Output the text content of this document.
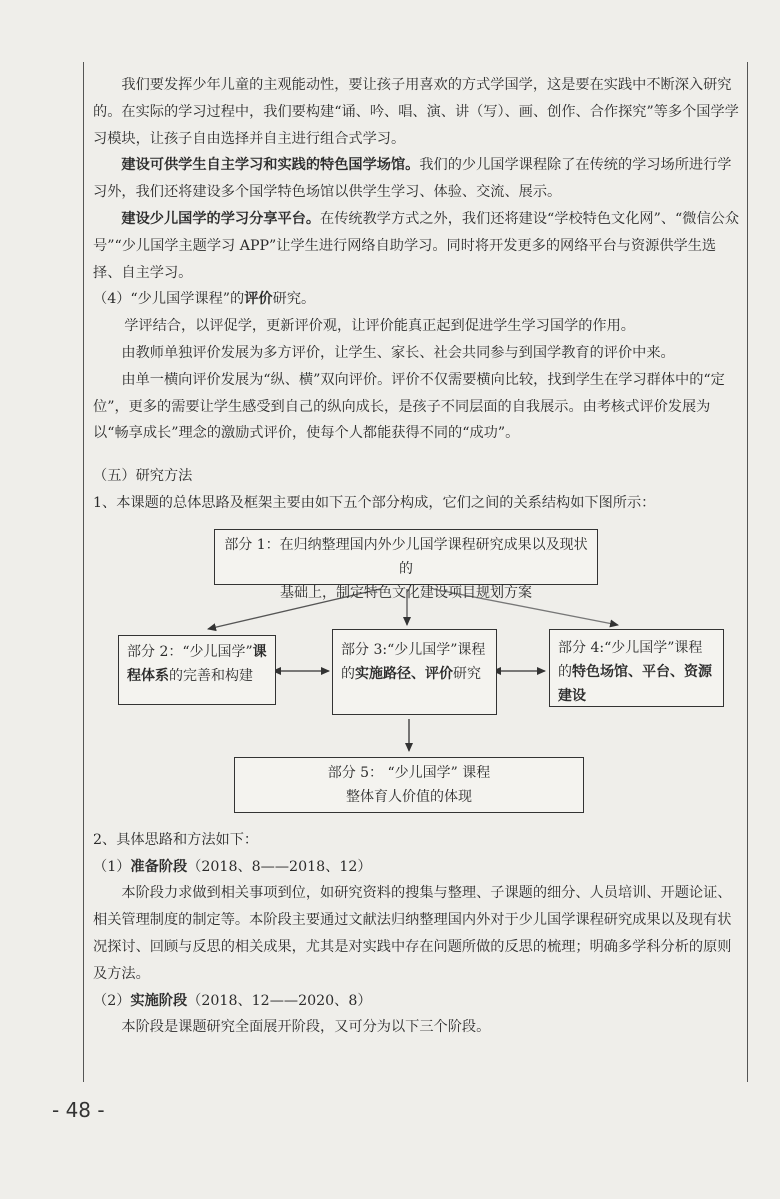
我们要发挥少年儿童的主观能动性，要让孩子用喜欢的方式学国学，这是要在实践中不断深入研究的。在实际的学习过程中，我们要构建“诵、吟、唱、演、讲（写）、画、创作、合作探究”等多个国学学习模块，让孩子自由选择并自主进行组合式学习。

建设可供学生自主学习和实践的特色国学场馆。我们的少儿国学课程除了在传统的学习场所进行学习外，我们还将建设多个国学特色场馆以供学生学习、体验、交流、展示。

建设少儿国学的学习分享平台。在传统教学方式之外，我们还将建设“学校特色文化网”、“微信公众号”“少儿国学主题学习 APP”让学生进行网络自助学习。同时将开发更多的网络平台与资源供学生选择、自主学习。

（4）“少儿国学课程”的评价研究。

学评结合，以评促学，更新评价观，让评价能真正起到促进学生学习国学的作用。

由教师单独评价发展为多方评价，让学生、家长、社会共同参与到国学教育的评价中来。

由单一横向评价发展为“纵、横”双向评价。评价不仅需要横向比较，找到学生在学习群体中的“定位”，更多的需要让学生感受到自己的纵向成长，是孩子不同层面的自我展示。由考核式评价发展为以“畅享成长”理念的激励式评价，使每个人都能获得不同的“成功”。

（五）研究方法

1、本课题的总体思路及框架主要由如下五个部分构成，它们之间的关系结构如下图所示：

部分 1：在归纳整理国内外少儿国学课程研究成果以及现状的
基础上，制定特色文化建设项目规划方案
部分 2：“少儿国学”课程体系的完善和构建
部分 3:“少儿国学”课程的实施路径、评价研究
部分 4:“少儿国学”课程的特色场馆、平台、资源建设
部分 5： “少儿国学” 课程
整体育人价值的体现

2、具体思路和方法如下：

（1）准备阶段（2018、8——2018、12）

本阶段力求做到相关事项到位，如研究资料的搜集与整理、子课题的细分、人员培训、开题论证、相关管理制度的制定等。本阶段主要通过文献法归纳整理国内外对于少儿国学课程研究成果以及现有状况探讨、回顾与反思的相关成果，尤其是对实践中存在问题所做的反思的梳理；明确多学科分析的原则及方法。

（2）实施阶段（2018、12——2020、8）

本阶段是课题研究全面展开阶段，又可分为以下三个阶段。

- 48 -
